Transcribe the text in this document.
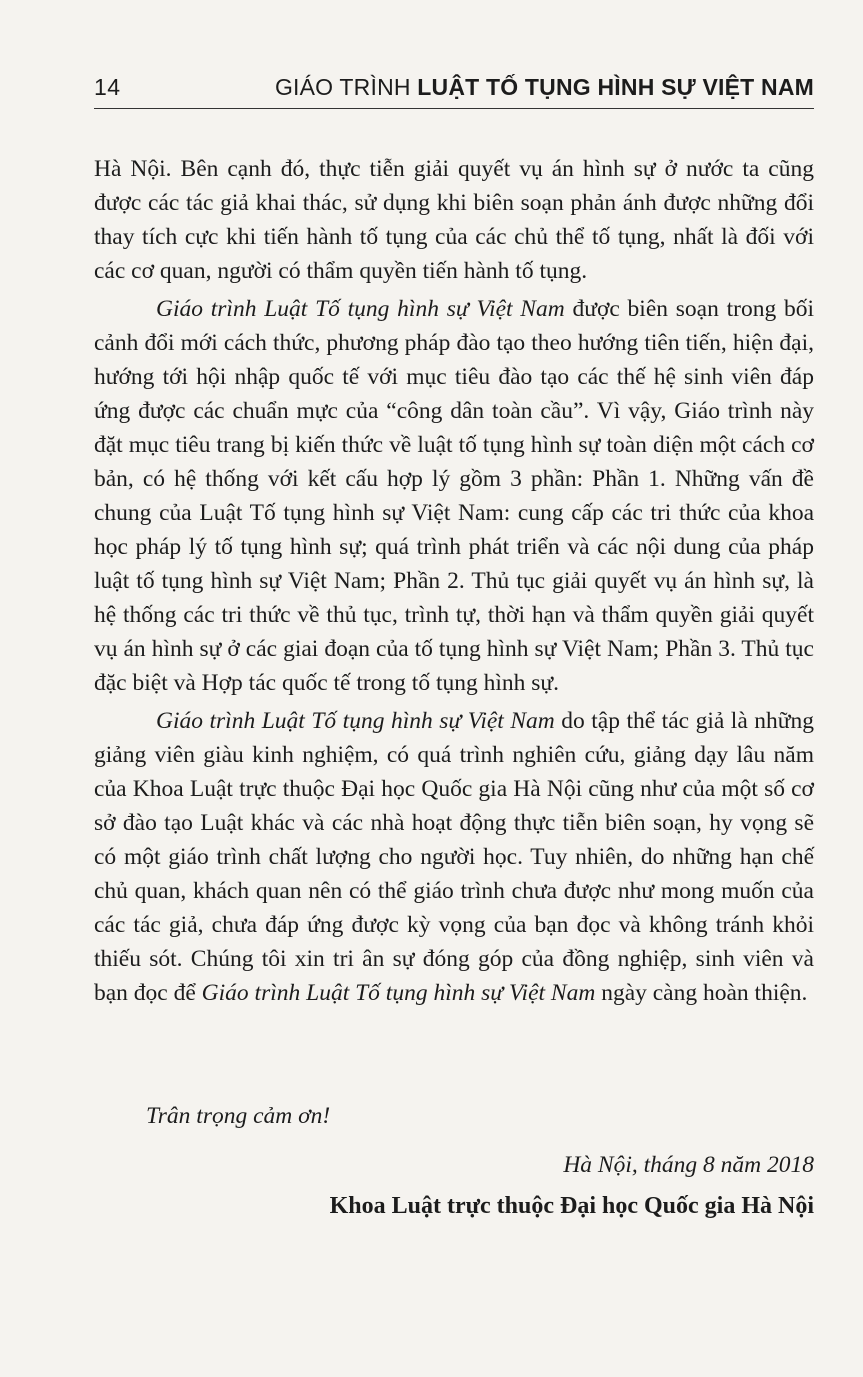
14	GIÁO TRÌNH LUẬT TỐ TỤNG HÌNH SỰ VIỆT NAM

Hà Nội. Bên cạnh đó, thực tiễn giải quyết vụ án hình sự ở nước ta cũng được các tác giả khai thác, sử dụng khi biên soạn phản ánh được những đổi thay tích cực khi tiến hành tố tụng của các chủ thể tố tụng, nhất là đối với các cơ quan, người có thẩm quyền tiến hành tố tụng.

Giáo trình Luật Tố tụng hình sự Việt Nam được biên soạn trong bối cảnh đổi mới cách thức, phương pháp đào tạo theo hướng tiên tiến, hiện đại, hướng tới hội nhập quốc tế với mục tiêu đào tạo các thế hệ sinh viên đáp ứng được các chuẩn mực của “công dân toàn cầu”. Vì vậy, Giáo trình này đặt mục tiêu trang bị kiến thức về luật tố tụng hình sự toàn diện một cách cơ bản, có hệ thống với kết cấu hợp lý gồm 3 phần: Phần 1. Những vấn đề chung của Luật Tố tụng hình sự Việt Nam: cung cấp các tri thức của khoa học pháp lý tố tụng hình sự; quá trình phát triển và các nội dung của pháp luật tố tụng hình sự Việt Nam; Phần 2. Thủ tục giải quyết vụ án hình sự, là hệ thống các tri thức về thủ tục, trình tự, thời hạn và thẩm quyền giải quyết vụ án hình sự ở các giai đoạn của tố tụng hình sự Việt Nam; Phần 3. Thủ tục đặc biệt và Hợp tác quốc tế trong tố tụng hình sự.

Giáo trình Luật Tố tụng hình sự Việt Nam do tập thể tác giả là những giảng viên giàu kinh nghiệm, có quá trình nghiên cứu, giảng dạy lâu năm của Khoa Luật trực thuộc Đại học Quốc gia Hà Nội cũng như của một số cơ sở đào tạo Luật khác và các nhà hoạt động thực tiễn biên soạn, hy vọng sẽ có một giáo trình chất lượng cho người học. Tuy nhiên, do những hạn chế chủ quan, khách quan nên có thể giáo trình chưa được như mong muốn của các tác giả, chưa đáp ứng được kỳ vọng của bạn đọc và không tránh khỏi thiếu sót. Chúng tôi xin tri ân sự đóng góp của đồng nghiệp, sinh viên và bạn đọc để Giáo trình Luật Tố tụng hình sự Việt Nam ngày càng hoàn thiện.

Trân trọng cảm ơn!
Hà Nội, tháng 8 năm 2018
Khoa Luật trực thuộc Đại học Quốc gia Hà Nội
